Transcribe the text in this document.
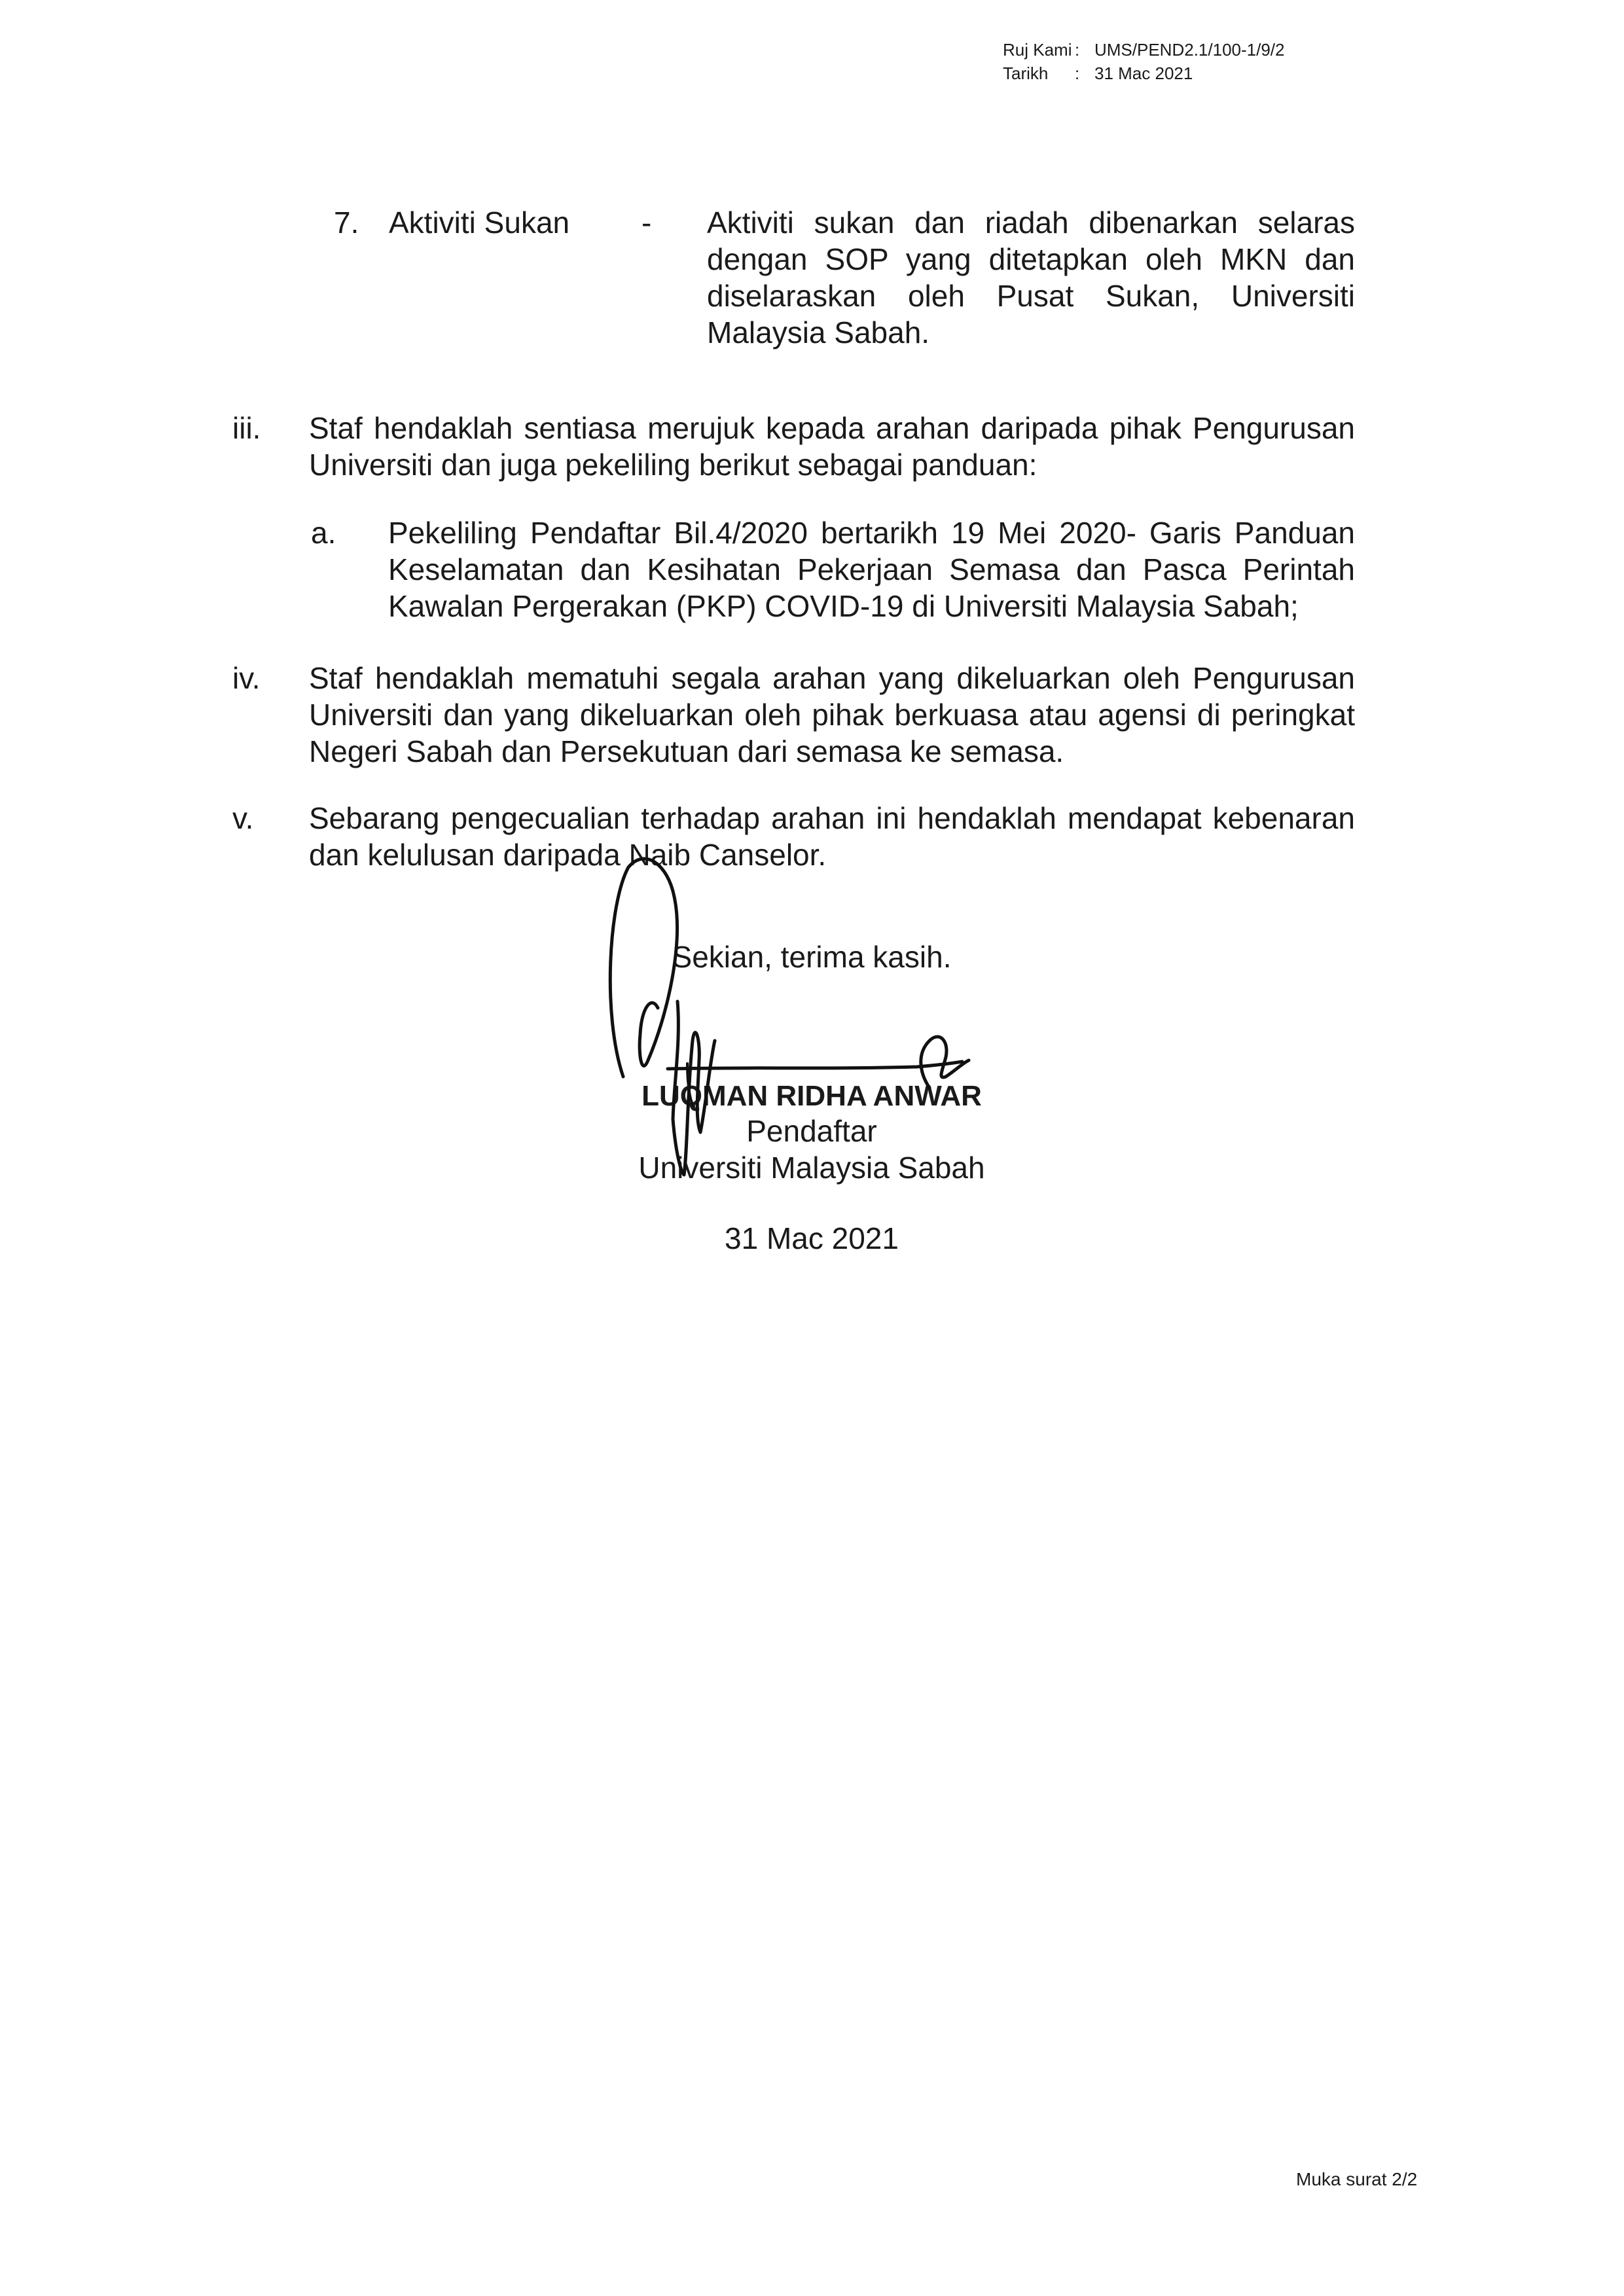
Ruj Kami : UMS/PEND2.1/100-1/9/2
Tarikh	: 31 Mac 2021
7. Aktiviti Sukan - Aktiviti sukan dan riadah dibenarkan selaras dengan SOP yang ditetapkan oleh MKN dan diselaraskan oleh Pusat Sukan, Universiti Malaysia Sabah.
iii. Staf hendaklah sentiasa merujuk kepada arahan daripada pihak Pengurusan Universiti dan juga pekeliling berikut sebagai panduan:
a. Pekeliling Pendaftar Bil.4/2020 bertarikh 19 Mei 2020- Garis Panduan Keselamatan dan Kesihatan Pekerjaan Semasa dan Pasca Perintah Kawalan Pergerakan (PKP) COVID-19 di Universiti Malaysia Sabah;
iv. Staf hendaklah mematuhi segala arahan yang dikeluarkan oleh Pengurusan Universiti dan yang dikeluarkan oleh pihak berkuasa atau agensi di peringkat Negeri Sabah dan Persekutuan dari semasa ke semasa.
v. Sebarang pengecualian terhadap arahan ini hendaklah mendapat kebenaran dan kelulusan daripada Naib Canselor.
Sekian, terima kasih.
LUQMAN RIDHA ANWAR
Pendaftar
Universiti Malaysia Sabah
31 Mac 2021
Muka surat 2/2
